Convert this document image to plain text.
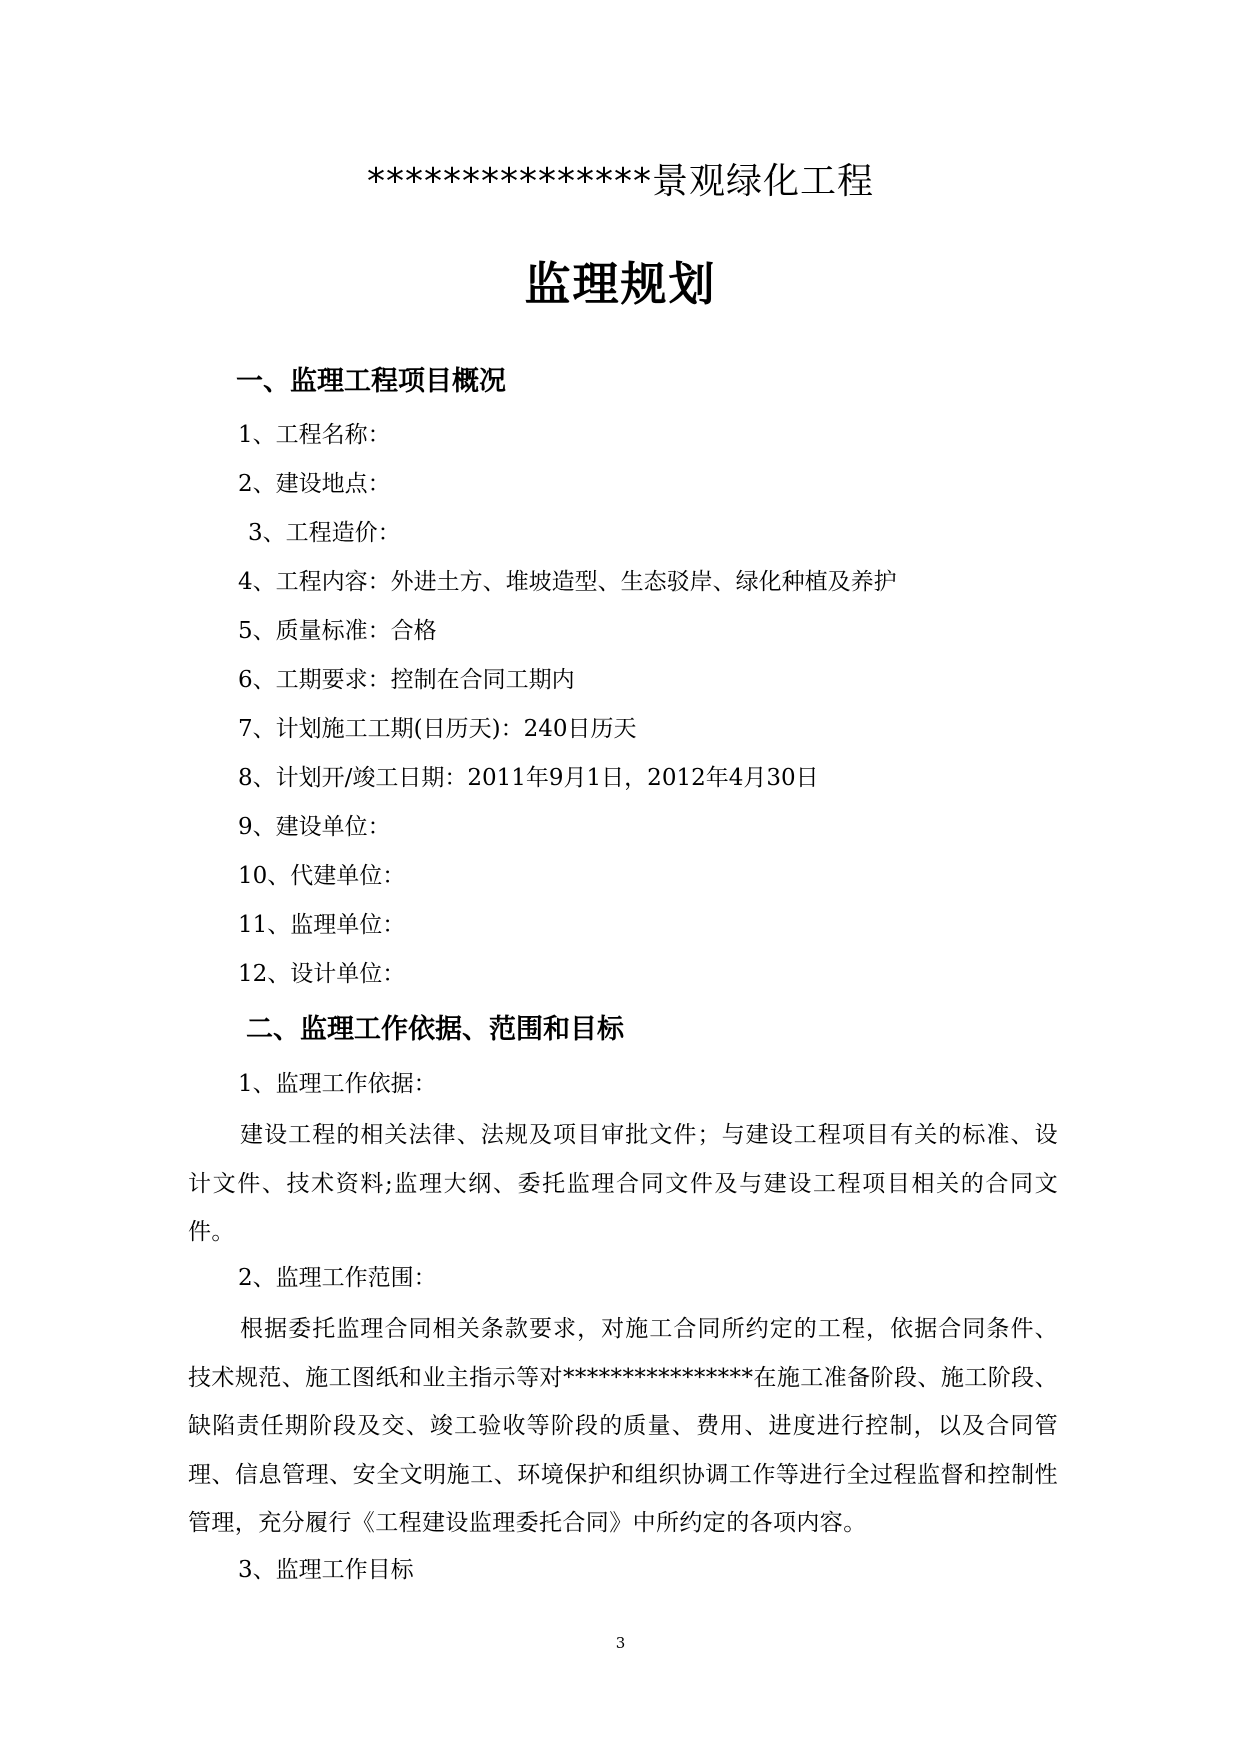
***************景观绿化工程
监理规划
一、监理工程项目概况
1、工程名称：
2、建设地点：
3、工程造价：
4、工程内容：外进土方、堆坡造型、生态驳岸、绿化种植及养护
5、质量标准：合格
6、工期要求：控制在合同工期内
7、计划施工工期(日历天)：240日历天
8、计划开/竣工日期：2011年9月1日，2012年4月30日
9、建设单位：
10、代建单位：
11、监理单位：
12、设计单位：
二、监理工作依据、范围和目标
1、监理工作依据：
建设工程的相关法律、法规及项目审批文件；与建设工程项目有关的标准、设计文件、技术资料;监理大纲、委托监理合同文件及与建设工程项目相关的合同文件。
2、监理工作范围：
根据委托监理合同相关条款要求，对施工合同所约定的工程，依据合同条件、技术规范、施工图纸和业主指示等对****************在施工准备阶段、施工阶段、缺陷责任期阶段及交、竣工验收等阶段的质量、费用、进度进行控制，以及合同管理、信息管理、安全文明施工、环境保护和组织协调工作等进行全过程监督和控制性管理，充分履行《工程建设监理委托合同》中所约定的各项内容。
3、监理工作目标
3
